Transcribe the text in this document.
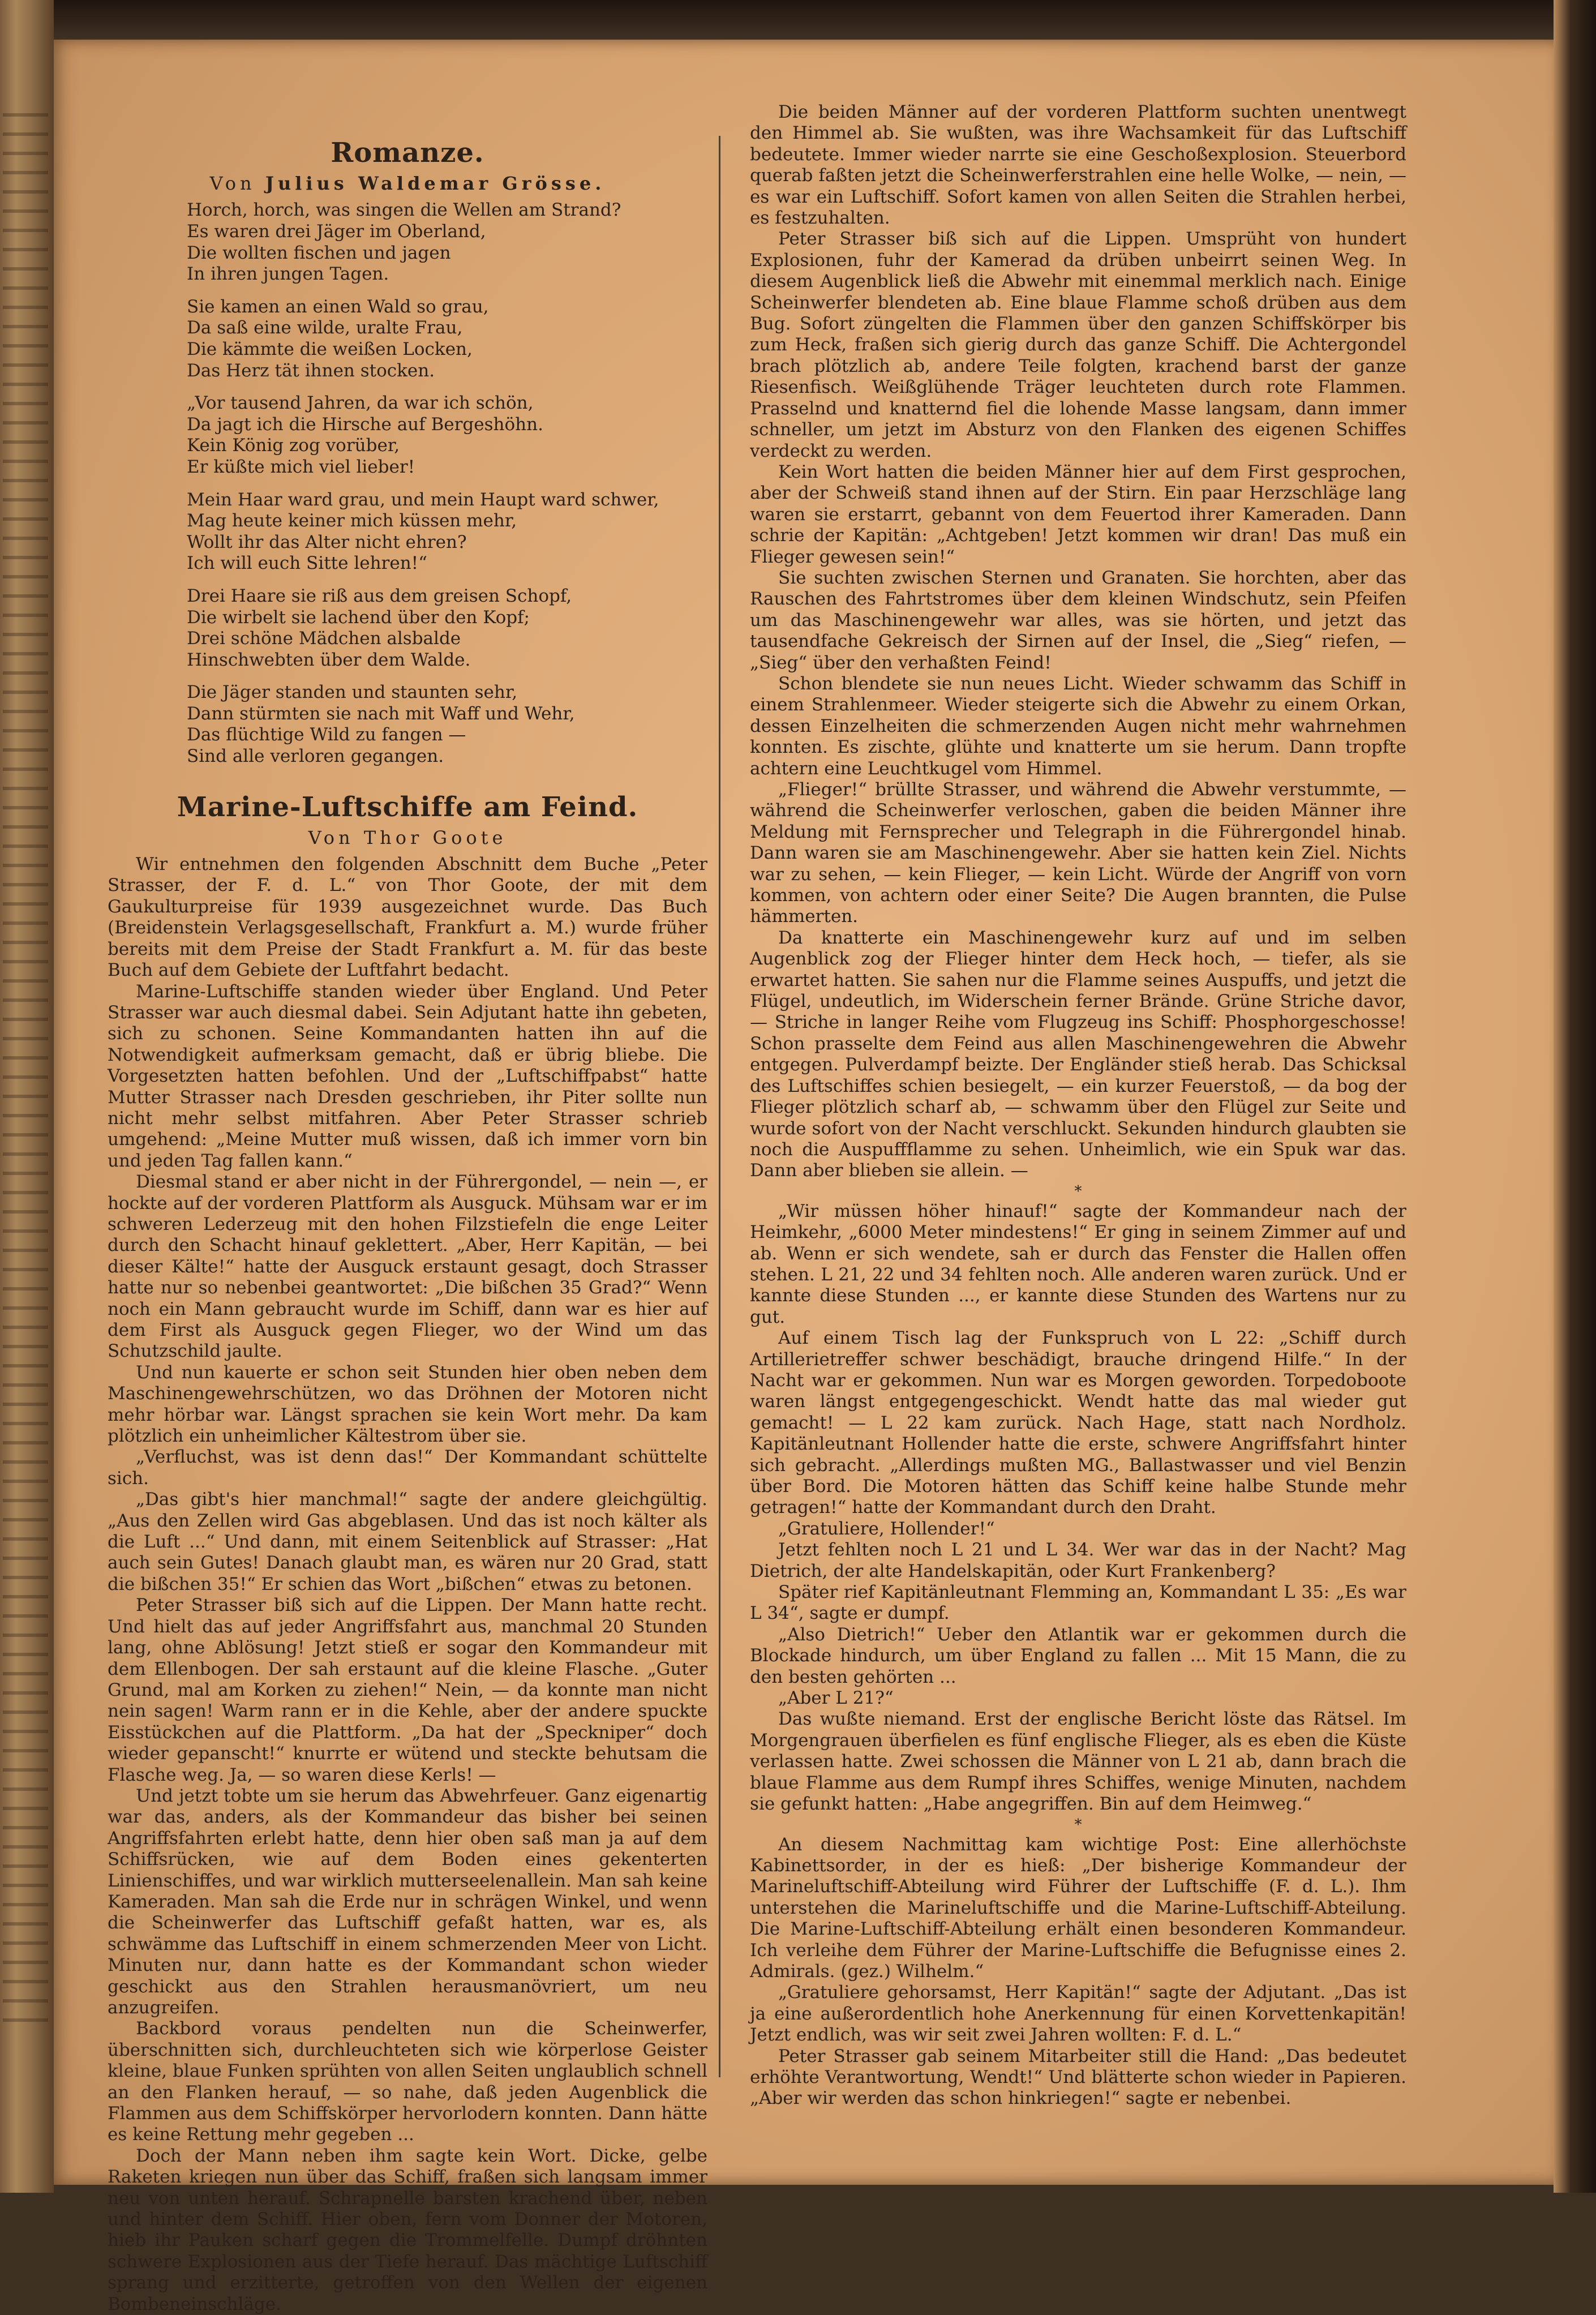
Romanze.
Von Julius Waldemar Grösse.
Horch, horch, was singen die Wellen am Strand?
Es waren drei Jäger im Oberland,
Die wollten fischen und jagen
In ihren jungen Tagen.
Sie kamen an einen Wald so grau,
Da saß eine wilde, uralte Frau,
Die kämmte die weißen Locken,
Das Herz tät ihnen stocken.
„Vor tausend Jahren, da war ich schön,
Da jagt ich die Hirsche auf Bergeshöhn.
Kein König zog vorüber,
Er küßte mich viel lieber!
Mein Haar ward grau, und mein Haupt ward schwer,
Mag heute keiner mich küssen mehr,
Wollt ihr das Alter nicht ehren?
Ich will euch Sitte lehren!“
Drei Haare sie riß aus dem greisen Schopf,
Die wirbelt sie lachend über den Kopf;
Drei schöne Mädchen alsbalde
Hinschwebten über dem Walde.
Die Jäger standen und staunten sehr,
Dann stürmten sie nach mit Waff und Wehr,
Das flüchtige Wild zu fangen —
Sind alle verloren gegangen.
Marine-Luftschiffe am Feind.
Von Thor Goote

Wir entnehmen den folgenden Abschnitt dem Buche „Peter Strasser, der F. d. L.“ von Thor Goote, der mit dem Gaukulturpreise für 1939 ausgezeichnet wurde. Das Buch (Breidenstein Verlagsgesellschaft, Frankfurt a. M.) wurde früher bereits mit dem Preise der Stadt Frankfurt a. M. für das beste Buch auf dem Gebiete der Luftfahrt bedacht.

Marine-Luftschiffe standen wieder über England. Und Peter Strasser war auch diesmal dabei. Sein Adjutant hatte ihn gebeten, sich zu schonen. Seine Kommandanten hatten ihn auf die Notwendigkeit aufmerksam gemacht, daß er übrig bliebe. Die Vorgesetzten hatten befohlen. Und der „Luftschiffpabst“ hatte Mutter Strasser nach Dresden geschrieben, ihr Piter sollte nun nicht mehr selbst mitfahren. Aber Peter Strasser schrieb umgehend: „Meine Mutter muß wissen, daß ich immer vorn bin und jeden Tag fallen kann.“

Diesmal stand er aber nicht in der Führergondel, — nein —, er hockte auf der vorderen Plattform als Ausguck. Mühsam war er im schweren Lederzeug mit den hohen Filzstiefeln die enge Leiter durch den Schacht hinauf geklettert. „Aber, Herr Kapitän, — bei dieser Kälte!“ hatte der Ausguck erstaunt gesagt, doch Strasser hatte nur so nebenbei geantwortet: „Die bißchen 35 Grad?“ Wenn noch ein Mann gebraucht wurde im Schiff, dann war es hier auf dem First als Ausguck gegen Flieger, wo der Wind um das Schutzschild jaulte.

Und nun kauerte er schon seit Stunden hier oben neben dem Maschinengewehrschützen, wo das Dröhnen der Motoren nicht mehr hörbar war. Längst sprachen sie kein Wort mehr. Da kam plötzlich ein unheimlicher Kältestrom über sie.

„Verfluchst, was ist denn das!“ Der Kommandant schüttelte sich.

„Das gibt's hier manchmal!“ sagte der andere gleichgültig. „Aus den Zellen wird Gas abgeblasen. Und das ist noch kälter als die Luft ...“ Und dann, mit einem Seitenblick auf Strasser: „Hat auch sein Gutes! Danach glaubt man, es wären nur 20 Grad, statt die bißchen 35!“ Er schien das Wort „bißchen“ etwas zu betonen.

Peter Strasser biß sich auf die Lippen. Der Mann hatte recht. Und hielt das auf jeder Angriffsfahrt aus, manchmal 20 Stunden lang, ohne Ablösung! Jetzt stieß er sogar den Kommandeur mit dem Ellenbogen. Der sah erstaunt auf die kleine Flasche. „Guter Grund, mal am Korken zu ziehen!“ Nein, — da konnte man nicht nein sagen! Warm rann er in die Kehle, aber der andere spuckte Eisstückchen auf die Plattform. „Da hat der „Speckniper“ doch wieder gepanscht!“ knurrte er wütend und steckte behutsam die Flasche weg. Ja, — so waren diese Kerls! —

Und jetzt tobte um sie herum das Abwehrfeuer. Ganz eigenartig war das, anders, als der Kommandeur das bisher bei seinen Angriffsfahrten erlebt hatte, denn hier oben saß man ja auf dem Schiffsrücken, wie auf dem Boden eines gekenterten Linienschiffes, und war wirklich mutterseelenallein. Man sah keine Kameraden. Man sah die Erde nur in schrägen Winkel, und wenn die Scheinwerfer das Luftschiff gefaßt hatten, war es, als schwämme das Luftschiff in einem schmerzenden Meer von Licht. Minuten nur, dann hatte es der Kommandant schon wieder geschickt aus den Strahlen herausmanövriert, um neu anzugreifen.

Backbord voraus pendelten nun die Scheinwerfer, überschnitten sich, durchleuchteten sich wie körperlose Geister kleine, blaue Funken sprühten von allen Seiten unglaublich schnell an den Flanken herauf, — so nahe, daß jeden Augenblick die Flammen aus dem Schiffskörper hervorlodern konnten. Dann hätte es keine Rettung mehr gegeben ...

Doch der Mann neben ihm sagte kein Wort. Dicke, gelbe Raketen kriegen nun über das Schiff, fraßen sich langsam immer neu von unten herauf. Schrapnelle barsten krachend über, neben und hinter dem Schiff. Hier oben, fern vom Donner der Motoren, hieb ihr Pauken scharf gegen die Trommelfelle. Dumpf dröhnten schwere Explosionen aus der Tiefe herauf. Das mächtige Luftschiff sprang und erzitterte, getroffen von den Wellen der eigenen Bombeneinschläge.

Die beiden Männer auf der vorderen Plattform suchten unentwegt den Himmel ab. Sie wußten, was ihre Wachsamkeit für das Luftschiff bedeutete. Immer wieder narrte sie eine Geschoßexplosion. Steuerbord querab faßten jetzt die Scheinwerferstrahlen eine helle Wolke, — nein, — es war ein Luftschiff. Sofort kamen von allen Seiten die Strahlen herbei, es festzuhalten.

Peter Strasser biß sich auf die Lippen. Umsprüht von hundert Explosionen, fuhr der Kamerad da drüben unbeirrt seinen Weg. In diesem Augenblick ließ die Abwehr mit einemmal merklich nach. Einige Scheinwerfer blendeten ab. Eine blaue Flamme schoß drüben aus dem Bug. Sofort züngelten die Flammen über den ganzen Schiffskörper bis zum Heck, fraßen sich gierig durch das ganze Schiff. Die Achtergondel brach plötzlich ab, andere Teile folgten, krachend barst der ganze Riesenfisch. Weißglühende Träger leuchteten durch rote Flammen. Prasselnd und knatternd fiel die lohende Masse langsam, dann immer schneller, um jetzt im Absturz von den Flanken des eigenen Schiffes verdeckt zu werden.

Kein Wort hatten die beiden Männer hier auf dem First gesprochen, aber der Schweiß stand ihnen auf der Stirn. Ein paar Herzschläge lang waren sie erstarrt, gebannt von dem Feuertod ihrer Kameraden. Dann schrie der Kapitän: „Achtgeben! Jetzt kommen wir dran! Das muß ein Flieger gewesen sein!“

Sie suchten zwischen Sternen und Granaten. Sie horchten, aber das Rauschen des Fahrtstromes über dem kleinen Windschutz, sein Pfeifen um das Maschinengewehr war alles, was sie hörten, und jetzt das tausendfache Gekreisch der Sirnen auf der Insel, die „Sieg“ riefen, — „Sieg“ über den verhaßten Feind!

Schon blendete sie nun neues Licht. Wieder schwamm das Schiff in einem Strahlenmeer. Wieder steigerte sich die Abwehr zu einem Orkan, dessen Einzelheiten die schmerzenden Augen nicht mehr wahrnehmen konnten. Es zischte, glühte und knatterte um sie herum. Dann tropfte achtern eine Leuchtkugel vom Himmel.

„Flieger!“ brüllte Strasser, und während die Abwehr verstummte, — während die Scheinwerfer verloschen, gaben die beiden Männer ihre Meldung mit Fernsprecher und Telegraph in die Führergondel hinab. Dann waren sie am Maschinengewehr. Aber sie hatten kein Ziel. Nichts war zu sehen, — kein Flieger, — kein Licht. Würde der Angriff von vorn kommen, von achtern oder einer Seite? Die Augen brannten, die Pulse hämmerten.

Da knatterte ein Maschinengewehr kurz auf und im selben Augenblick zog der Flieger hinter dem Heck hoch, — tiefer, als sie erwartet hatten. Sie sahen nur die Flamme seines Auspuffs, und jetzt die Flügel, undeutlich, im Widerschein ferner Brände. Grüne Striche davor, — Striche in langer Reihe vom Flugzeug ins Schiff: Phosphorgeschosse! Schon prasselte dem Feind aus allen Maschinengewehren die Abwehr entgegen. Pulverdampf beizte. Der Engländer stieß herab. Das Schicksal des Luftschiffes schien besiegelt, — ein kurzer Feuerstoß, — da bog der Flieger plötzlich scharf ab, — schwamm über den Flügel zur Seite und wurde sofort von der Nacht verschluckt. Sekunden hindurch glaubten sie noch die Auspuffflamme zu sehen. Unheimlich, wie ein Spuk war das. Dann aber blieben sie allein. —

*

„Wir müssen höher hinauf!“ sagte der Kommandeur nach der Heimkehr, „6000 Meter mindestens!“ Er ging in seinem Zimmer auf und ab. Wenn er sich wendete, sah er durch das Fenster die Hallen offen stehen. L 21, 22 und 34 fehlten noch. Alle anderen waren zurück. Und er kannte diese Stunden ..., er kannte diese Stunden des Wartens nur zu gut.

Auf einem Tisch lag der Funkspruch von L 22: „Schiff durch Artillerietreffer schwer beschädigt, brauche dringend Hilfe.“ In der Nacht war er gekommen. Nun war es Morgen geworden. Torpedoboote waren längst entgegengeschickt. Wendt hatte das mal wieder gut gemacht! — L 22 kam zurück. Nach Hage, statt nach Nordholz. Kapitänleutnant Hollender hatte die erste, schwere Angriffsfahrt hinter sich gebracht. „Allerdings mußten MG., Ballastwasser und viel Benzin über Bord. Die Motoren hätten das Schiff keine halbe Stunde mehr getragen!“ hatte der Kommandant durch den Draht.

„Gratuliere, Hollender!“

Jetzt fehlten noch L 21 und L 34. Wer war das in der Nacht? Mag Dietrich, der alte Handelskapitän, oder Kurt Frankenberg?

Später rief Kapitänleutnant Flemming an, Kommandant L 35: „Es war L 34“, sagte er dumpf.

„Also Dietrich!“ Ueber den Atlantik war er gekommen durch die Blockade hindurch, um über England zu fallen ... Mit 15 Mann, die zu den besten gehörten ...

„Aber L 21?“

Das wußte niemand. Erst der englische Bericht löste das Rätsel. Im Morgengrauen überfielen es fünf englische Flieger, als es eben die Küste verlassen hatte. Zwei schossen die Männer von L 21 ab, dann brach die blaue Flamme aus dem Rumpf ihres Schiffes, wenige Minuten, nachdem sie gefunkt hatten: „Habe angegriffen. Bin auf dem Heimweg.“

*

An diesem Nachmittag kam wichtige Post: Eine allerhöchste Kabinettsorder, in der es hieß: „Der bisherige Kommandeur der Marineluftschiff-Abteilung wird Führer der Luftschiffe (F. d. L.). Ihm unterstehen die Marineluftschiffe und die Marine-Luftschiff-Abteilung. Die Marine-Luftschiff-Abteilung erhält einen besonderen Kommandeur. Ich verleihe dem Führer der Marine-Luftschiffe die Befugnisse eines 2. Admirals. (gez.) Wilhelm.“

„Gratuliere gehorsamst, Herr Kapitän!“ sagte der Adjutant. „Das ist ja eine außerordentlich hohe Anerkennung für einen Korvettenkapitän! Jetzt endlich, was wir seit zwei Jahren wollten: F. d. L.“

Peter Strasser gab seinem Mitarbeiter still die Hand: „Das bedeutet erhöhte Verantwortung, Wendt!“ Und blätterte schon wieder in Papieren. „Aber wir werden das schon hinkriegen!“ sagte er nebenbei.
